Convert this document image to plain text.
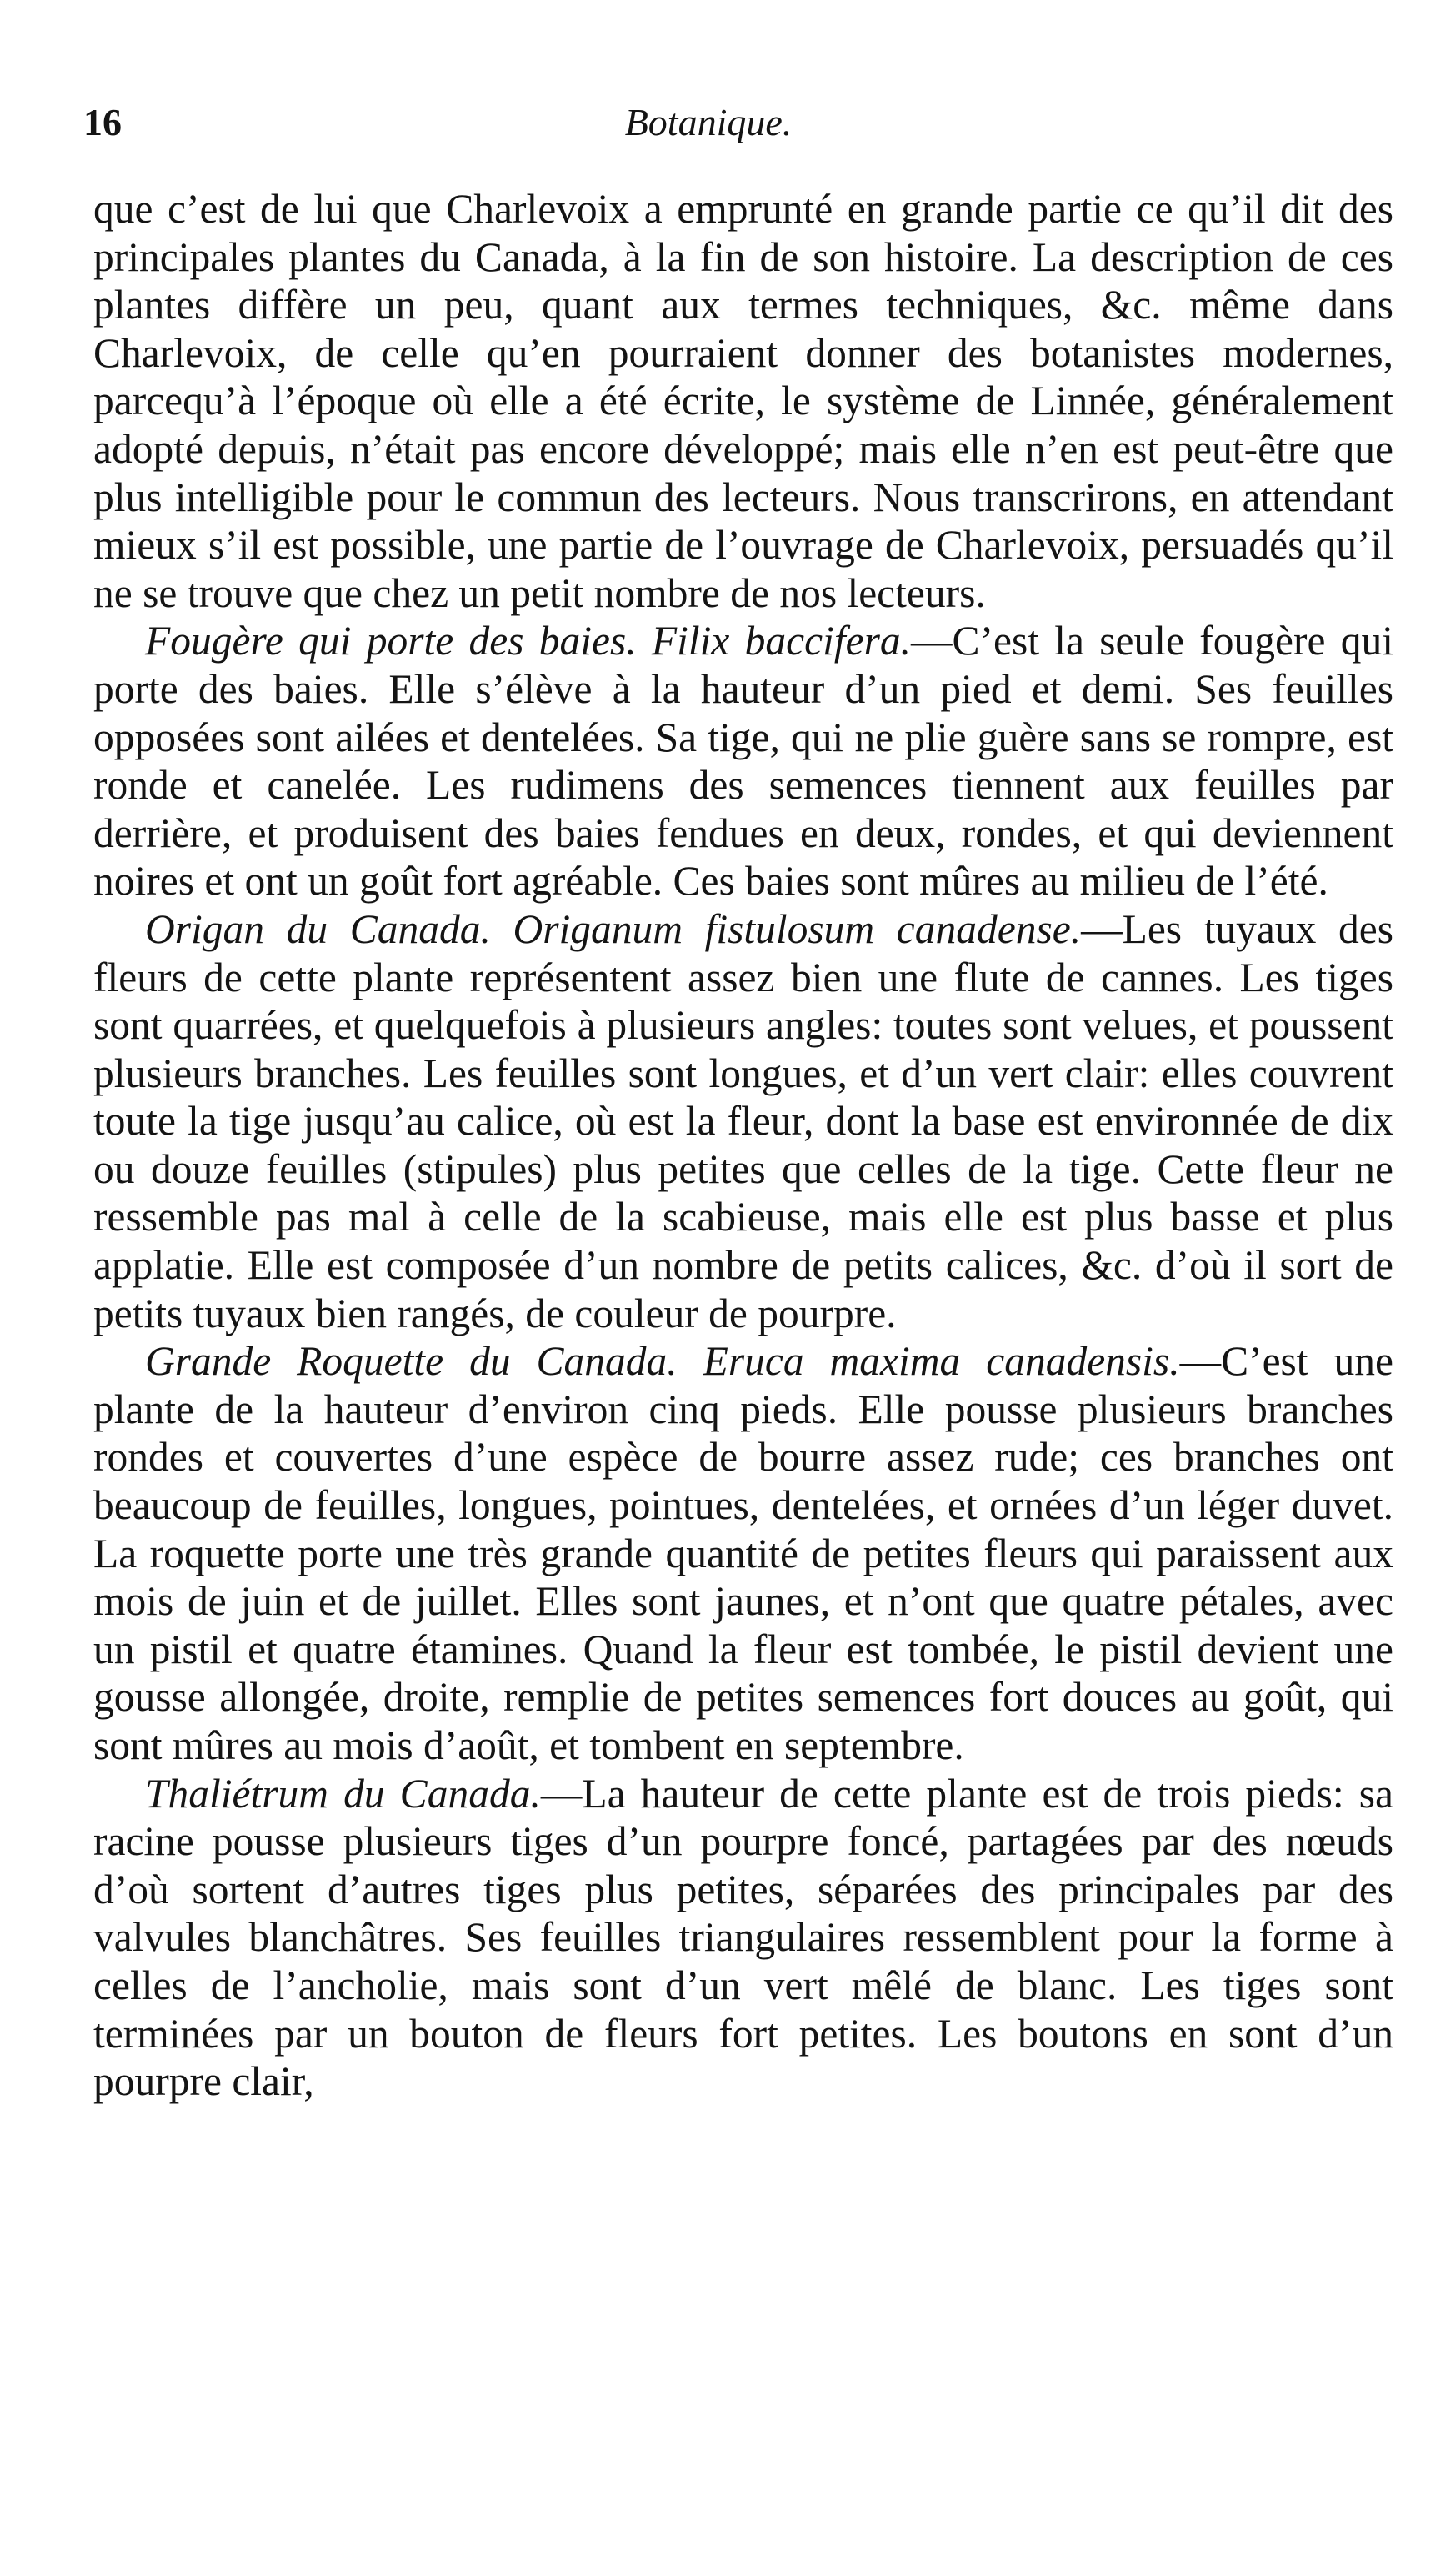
16	Botanique.

que c’est de lui que Charlevoix a emprunté en grande partie ce qu’il dit des principales plantes du Canada, à la fin de son histoire. La description de ces plantes diffère un peu, quant aux termes techniques, &c. même dans Charlevoix, de celle qu’en pourraient donner des botanistes modernes, parcequ’à l’époque où elle a été écrite, le système de Linnée, généralement adopté depuis, n’était pas encore développé; mais elle n’en est peut-être que plus intelligible pour le commun des lecteurs. Nous transcrirons, en attendant mieux s’il est possible, une partie de l’ouvrage de Charlevoix, persuadés qu’il ne se trouve que chez un petit nombre de nos lecteurs.

Fougère qui porte des baies. Filix baccifera.—C’est la seule fougère qui porte des baies. Elle s’élève à la hauteur d’un pied et demi. Ses feuilles opposées sont ailées et dentelées. Sa tige, qui ne plie guère sans se rompre, est ronde et canelée. Les rudimens des semences tiennent aux feuilles par derrière, et produisent des baies fendues en deux, rondes, et qui deviennent noires et ont un goût fort agréable. Ces baies sont mûres au milieu de l’été.

Origan du Canada. Origanum fistulosum canadense.—Les tuyaux des fleurs de cette plante représentent assez bien une flute de cannes. Les tiges sont quarrées, et quelquefois à plusieurs angles: toutes sont velues, et poussent plusieurs branches. Les feuilles sont longues, et d’un vert clair: elles couvrent toute la tige jusqu’au calice, où est la fleur, dont la base est environnée de dix ou douze feuilles (stipules) plus petites que celles de la tige. Cette fleur ne ressemble pas mal à celle de la scabieuse, mais elle est plus basse et plus applatie. Elle est composée d’un nombre de petits calices, &c. d’où il sort de petits tuyaux bien rangés, de couleur de pourpre.

Grande Roquette du Canada. Eruca maxima canadensis.—C’est une plante de la hauteur d’environ cinq pieds. Elle pousse plusieurs branches rondes et couvertes d’une espèce de bourre assez rude; ces branches ont beaucoup de feuilles, longues, pointues, dentelées, et ornées d’un léger duvet. La roquette porte une très grande quantité de petites fleurs qui paraissent aux mois de juin et de juillet. Elles sont jaunes, et n’ont que quatre pétales, avec un pistil et quatre étamines. Quand la fleur est tombée, le pistil devient une gousse allongée, droite, remplie de petites semences fort douces au goût, qui sont mûres au mois d’août, et tombent en septembre.

Thaliétrum du Canada.—La hauteur de cette plante est de trois pieds: sa racine pousse plusieurs tiges d’un pourpre foncé, partagées par des nœuds d’où sortent d’autres tiges plus petites, séparées des principales par des valvules blanchâtres. Ses feuilles triangulaires ressemblent pour la forme à celles de l’ancholie, mais sont d’un vert mêlé de blanc. Les tiges sont terminées par un bouton de fleurs fort petites. Les boutons en sont d’un pourpre clair,
